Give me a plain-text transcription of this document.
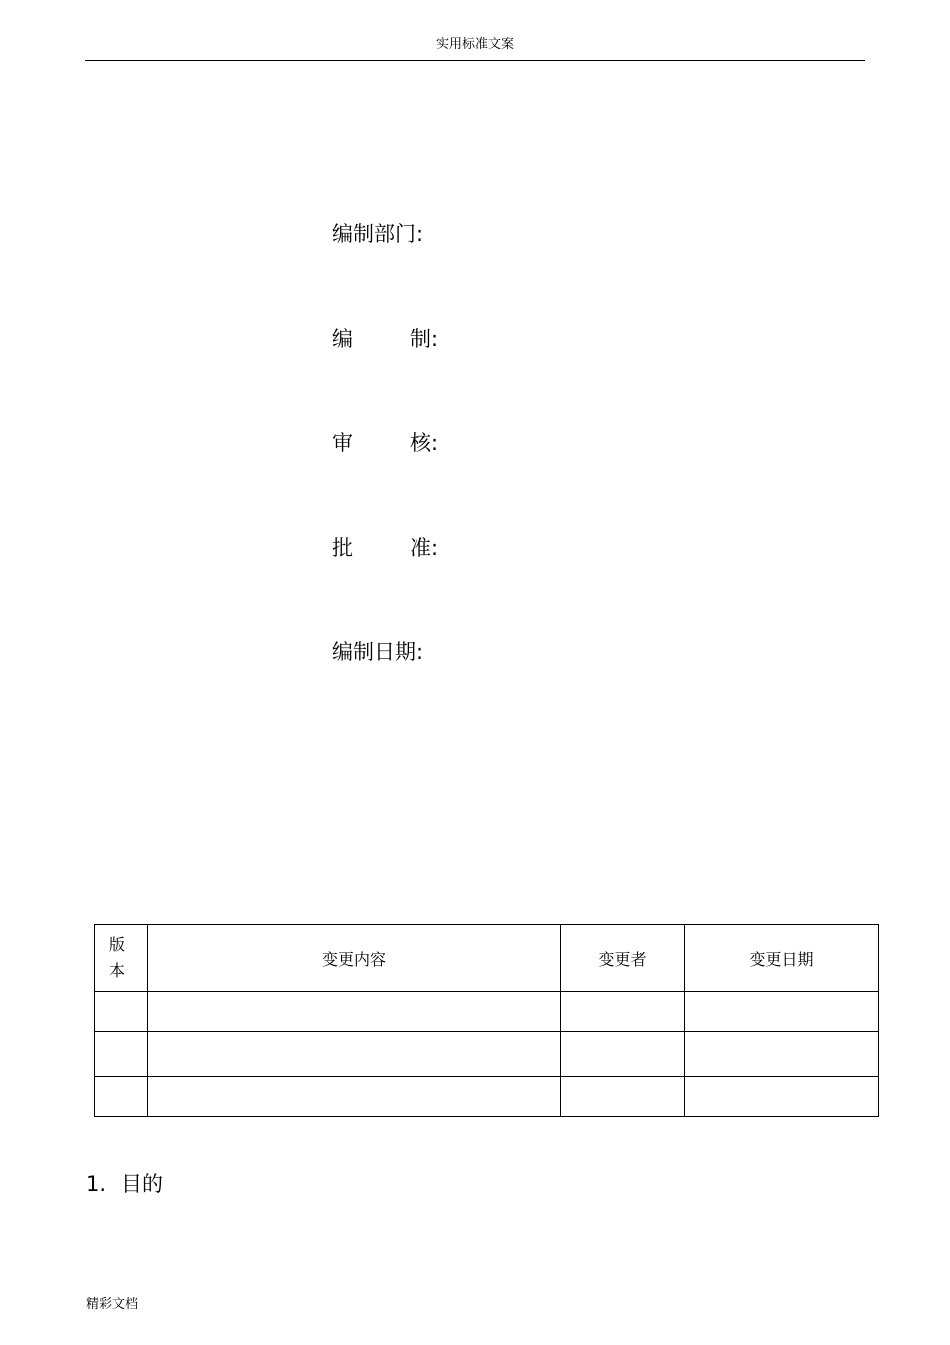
实用标准文案
编制部门:
编	制:
审	核:
批	准:
编制日期:
版
本	变更内容	变更者	变更日期

1. 目的
精彩文档
